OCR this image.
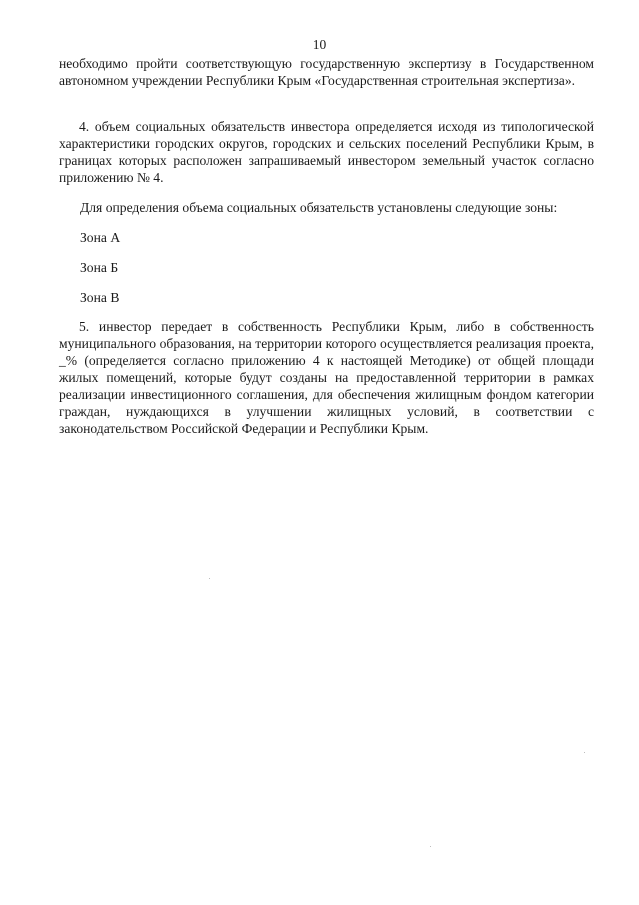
10

необходимо пройти соответствующую государственную экспертизу в Государственном автономном учреждении Республики Крым «Государственная строительная экспертиза».

4. объем социальных обязательств инвестора определяется исходя из типологической характеристики городских округов, городских и сельских поселений Республики Крым, в границах которых расположен запрашиваемый инвестором земельный участок согласно приложению № 4.

Для определения объема социальных обязательств установлены следующие зоны:

Зона А

Зона Б

Зона В

5. инвестор передает в собственность Республики Крым, либо в собственность муниципального образования, на территории которого осуществляется реализация проекта, _% (определяется согласно приложению 4 к настоящей Методике) от общей площади жилых помещений, которые будут созданы на предоставленной территории в рамках реализации инвестиционного соглашения, для обеспечения жилищным фондом категории граждан, нуждающихся в улучшении жилищных условий, в соответствии с законодательством Российской Федерации и Республики Крым.
